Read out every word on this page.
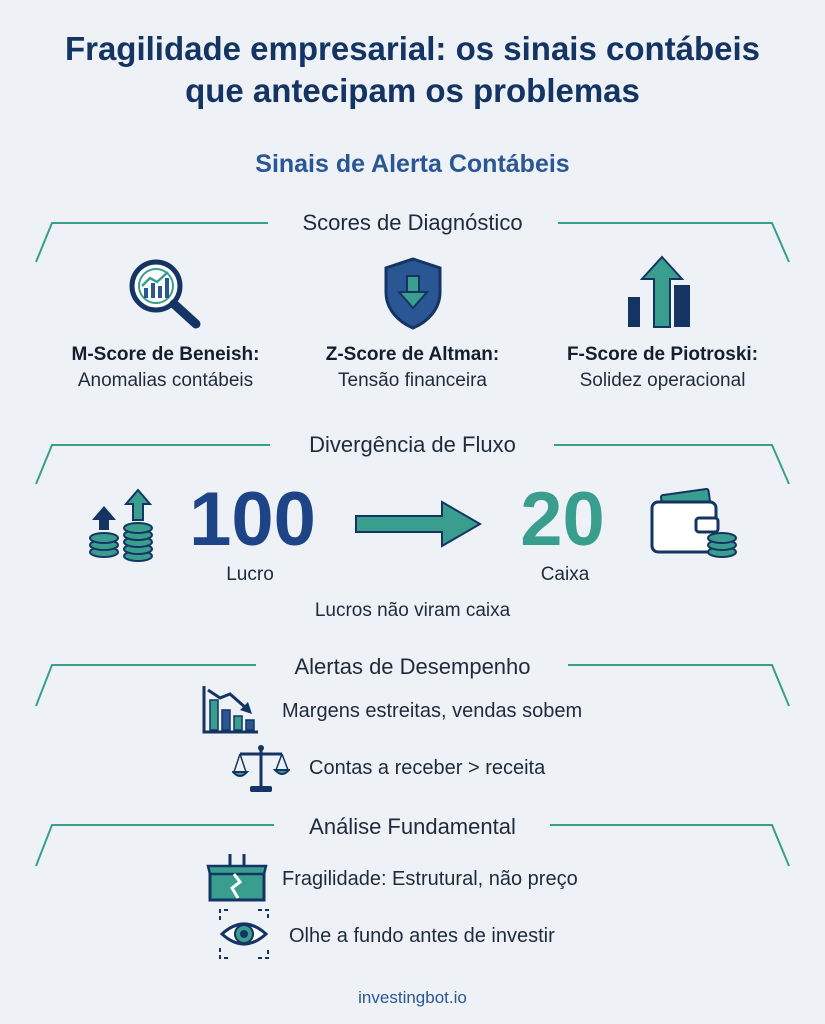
Fragilidade empresarial: os sinais contábeis que antecipam os problemas
Sinais de Alerta Contábeis
Scores de Diagnóstico
M-Score de Beneish:
Anomalias contábeis
Z-Score de Altman:
Tensão financeira
F-Score de Piotroski:
Solidez operacional
Divergência de Fluxo
100
Lucro
20
Caixa
Lucros não viram caixa
Alertas de Desempenho
Margens estreitas, vendas sobem
Contas a receber > receita
Análise Fundamental
Fragilidade: Estrutural, não preço
Olhe a fundo antes de investir
investingbot.io
